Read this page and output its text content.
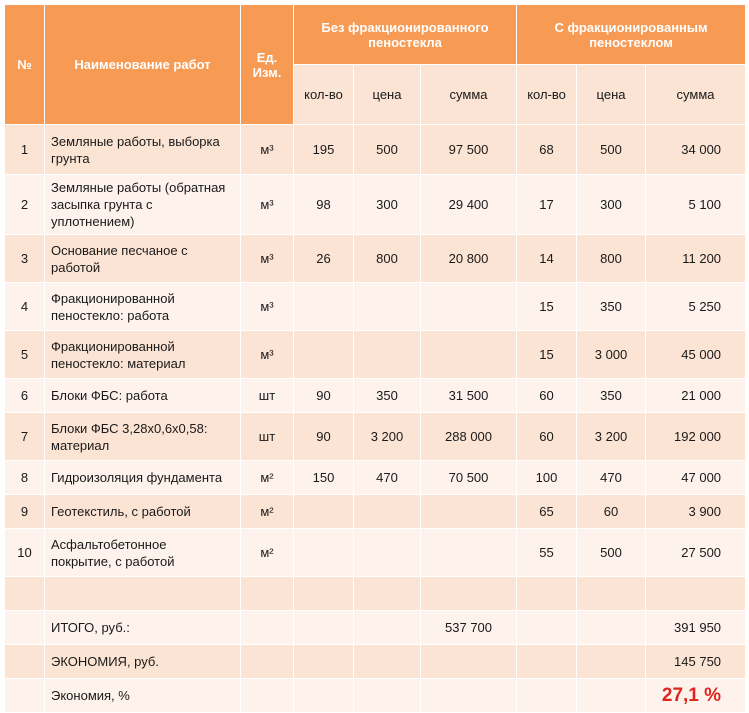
№	Наименование работ	Ед.
Изм.	Без фракционированного
пеностекла			С фракционированным
пеностеклом		
			кол-во	цена	сумма	кол-во	цена	сумма
1	Земляные работы, выборка
грунта	м³	195	500	97 500	68	500	34 000
2	Земляные работы (обратная
засыпка грунта с
уплотнением)	м³	98	300	29 400	17	300	5 100
3	Основание песчаное с
работой	м³	26	800	20 800	14	800	11 200
4	Фракционированной
пеностекло: работа	м³				15	350	5 250
5	Фракционированной
пеностекло: материал	м³				15	3 000	45 000
6	Блоки ФБС: работа	шт	90	350	31 500	60	350	21 000
7	Блоки ФБС 3,28х0,6х0,58:
материал	шт	90	3 200	288 000	60	3 200	192 000
8	Гидроизоляция фундамента	м²	150	470	70 500	100	470	47 000
9	Геотекстиль, с работой	м²				65	60	3 900
10	Асфальтобетонное
покрытие, с работой	м²				55	500	27 500

	ИТОГО, руб.:				537 700			391 950
	ЭКОНОМИЯ, руб.							145 750
	Экономия, %							27,1 %
